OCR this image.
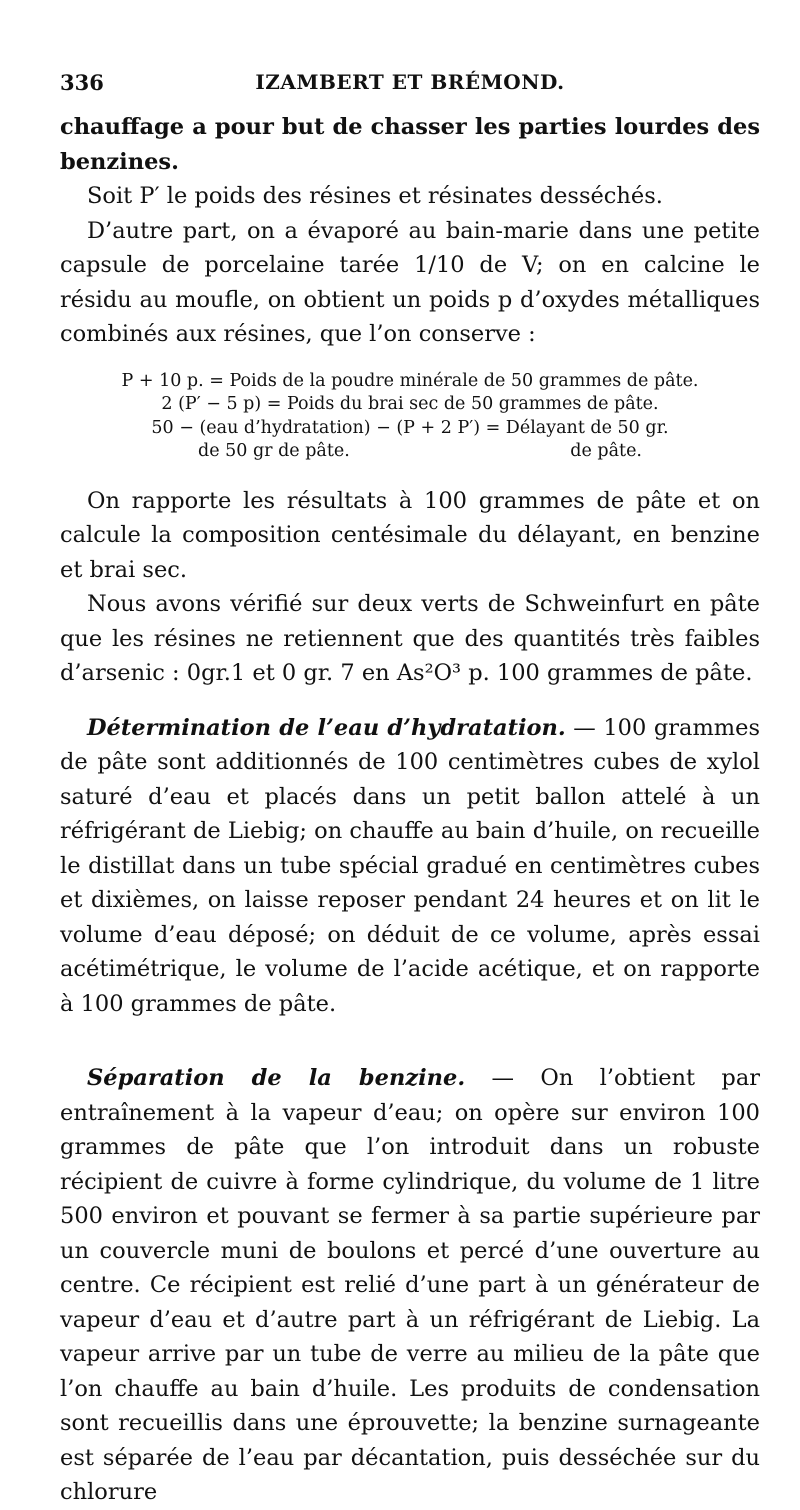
336	IZAMBERT ET BRÉMOND.

chauffage a pour but de chasser les parties lourdes des benzines.

Soit P′ le poids des résines et résinates desséchés.

D’autre part, on a évaporé au bain-marie dans une petite capsule de porcelaine tarée 1/10 de V; on en calcine le résidu au moufle, on obtient un poids p d’oxydes métalliques combinés aux résines, que l’on conserve :

P + 10 p. = Poids de la poudre minérale de 50 grammes de pâte.
2 (P′ − 5 p) = Poids du brai sec de 50 grammes de pâte.
50 − (eau d’hydratation) − (P + 2 P′) = Délayant de 50 gr.
de 50 gr de pâte.	de pâte.

On rapporte les résultats à 100 grammes de pâte et on calcule la composition centésimale du délayant, en benzine et brai sec.

Nous avons vérifié sur deux verts de Schweinfurt en pâte que les résines ne retiennent que des quantités très faibles d’arsenic : 0gr.1 et 0 gr. 7 en As²O³ p. 100 grammes de pâte.

Détermination de l’eau d’hydratation. — 100 grammes de pâte sont additionnés de 100 centimètres cubes de xylol saturé d’eau et placés dans un petit ballon attelé à un réfrigérant de Liebig; on chauffe au bain d’huile, on recueille le distillat dans un tube spécial gradué en centimètres cubes et dixièmes, on laisse reposer pendant 24 heures et on lit le volume d’eau déposé; on déduit de ce volume, après essai acétimétrique, le volume de l’acide acétique, et on rapporte à 100 grammes de pâte.

Séparation de la benzine. — On l’obtient par entraînement à la vapeur d’eau; on opère sur environ 100 grammes de pâte que l’on introduit dans un robuste récipient de cuivre à forme cylindrique, du volume de 1 litre 500 environ et pouvant se fermer à sa partie supérieure par un couvercle muni de boulons et percé d’une ouverture au centre. Ce récipient est relié d’une part à un générateur de vapeur d’eau et d’autre part à un réfrigérant de Liebig. La vapeur arrive par un tube de verre au milieu de la pâte que l’on chauffe au bain d’huile. Les produits de condensation sont recueillis dans une éprouvette; la benzine surnageante est séparée de l’eau par décantation, puis desséchée sur du chlorure
